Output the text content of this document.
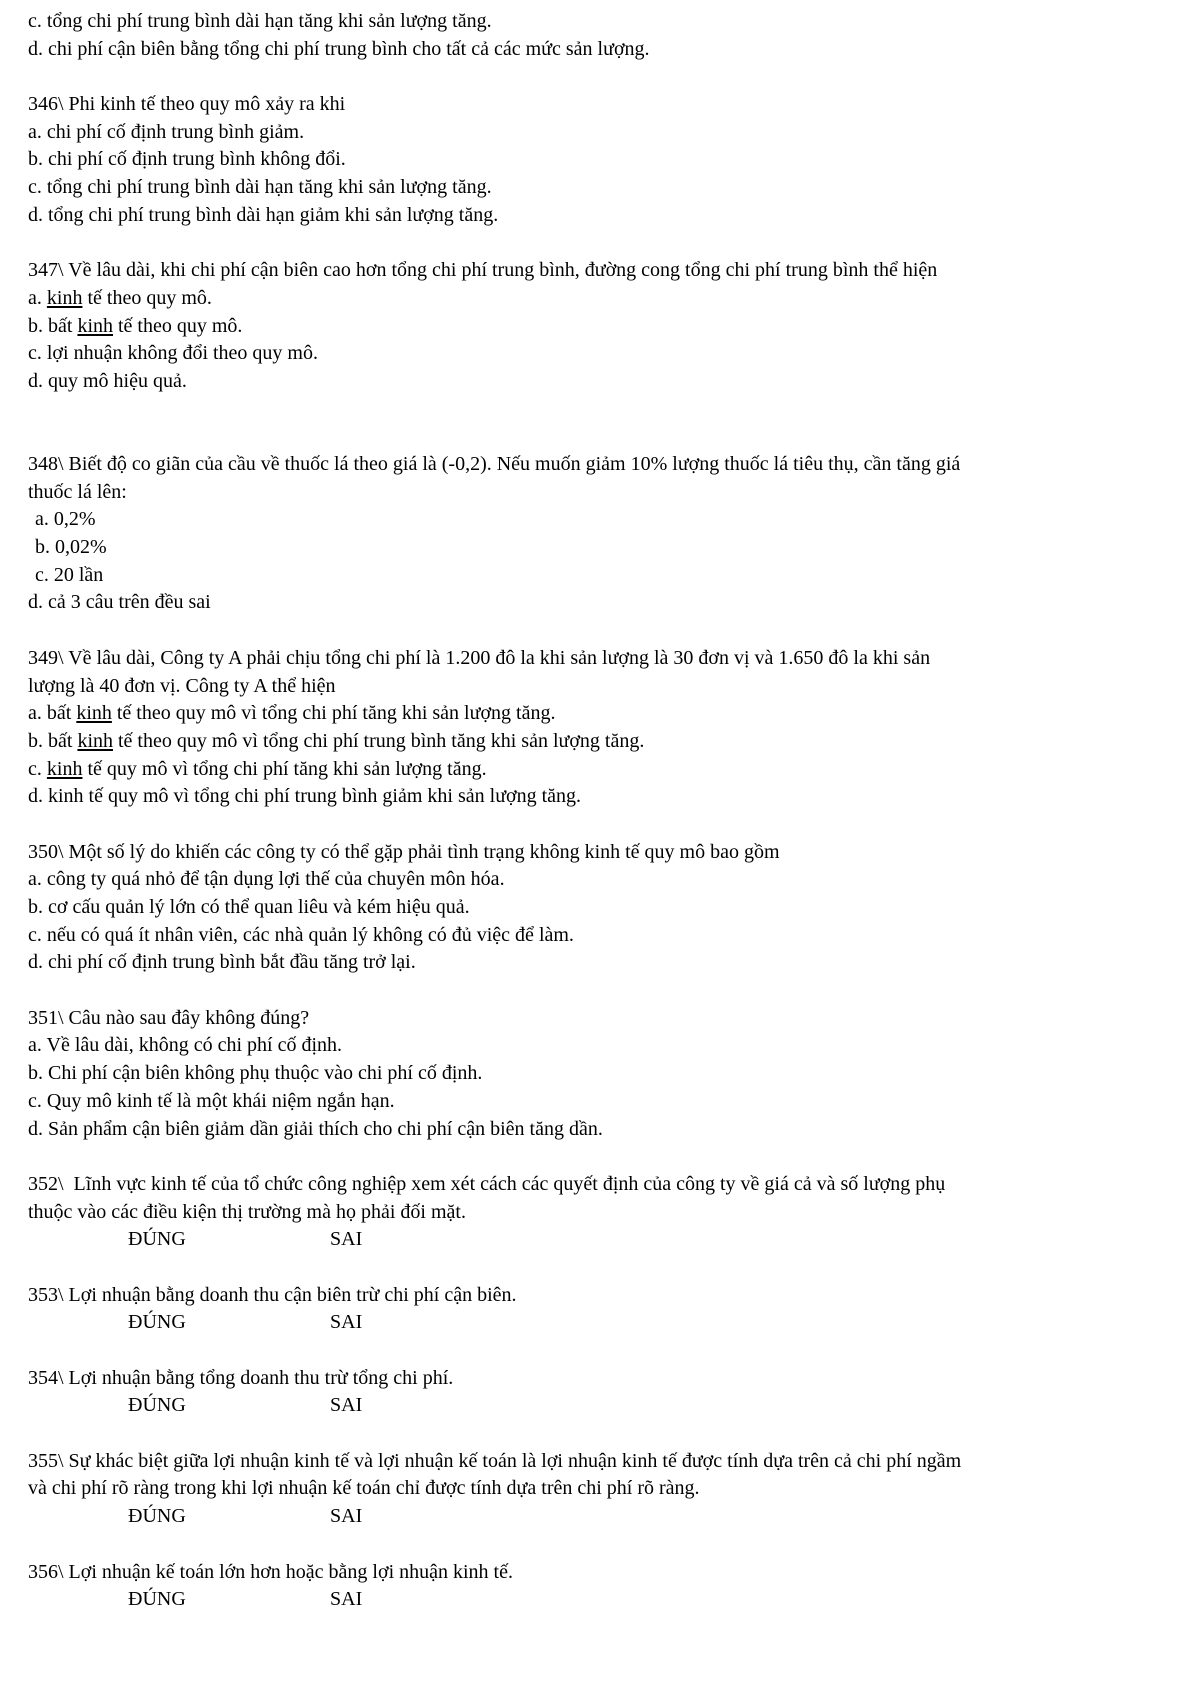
c. tổng chi phí trung bình dài hạn tăng khi sản lượng tăng.
d. chi phí cận biên bằng tổng chi phí trung bình cho tất cả các mức sản lượng.

346\ Phi kinh tế theo quy mô xảy ra khi
a. chi phí cố định trung bình giảm.
b. chi phí cố định trung bình không đổi.
c. tổng chi phí trung bình dài hạn tăng khi sản lượng tăng.
d. tổng chi phí trung bình dài hạn giảm khi sản lượng tăng.

347\ Về lâu dài, khi chi phí cận biên cao hơn tổng chi phí trung bình, đường cong tổng chi phí trung bình thể hiện
a. kinh tế theo quy mô.
b. bất kinh tế theo quy mô.
c. lợi nhuận không đổi theo quy mô.
d. quy mô hiệu quả.

348\ Biết độ co giãn của cầu về thuốc lá theo giá là (-0,2). Nếu muốn giảm 10% lượng thuốc lá tiêu thụ, cần tăng giá
thuốc lá lên:
a. 0,2%
b. 0,02%
c. 20 lần
d. cả 3 câu trên đều sai

349\ Về lâu dài, Công ty A phải chịu tổng chi phí là 1.200 đô la khi sản lượng là 30 đơn vị và 1.650 đô la khi sản
lượng là 40 đơn vị. Công ty A thể hiện
a. bất kinh tế theo quy mô vì tổng chi phí tăng khi sản lượng tăng.
b. bất kinh tế theo quy mô vì tổng chi phí trung bình tăng khi sản lượng tăng.
c. kinh tế quy mô vì tổng chi phí tăng khi sản lượng tăng.
d. kinh tế quy mô vì tổng chi phí trung bình giảm khi sản lượng tăng.

350\ Một số lý do khiến các công ty có thể gặp phải tình trạng không kinh tế quy mô bao gồm
a. công ty quá nhỏ để tận dụng lợi thế của chuyên môn hóa.
b. cơ cấu quản lý lớn có thể quan liêu và kém hiệu quả.
c. nếu có quá ít nhân viên, các nhà quản lý không có đủ việc để làm.
d. chi phí cố định trung bình bắt đầu tăng trở lại.

351\ Câu nào sau đây không đúng?
a. Về lâu dài, không có chi phí cố định.
b. Chi phí cận biên không phụ thuộc vào chi phí cố định.
c. Quy mô kinh tế là một khái niệm ngắn hạn.
d. Sản phẩm cận biên giảm dần giải thích cho chi phí cận biên tăng dần.

352\  Lĩnh vực kinh tế của tổ chức công nghiệp xem xét cách các quyết định của công ty về giá cả và số lượng phụ
thuộc vào các điều kiện thị trường mà họ phải đối mặt.
ĐÚNG	SAI

353\ Lợi nhuận bằng doanh thu cận biên trừ chi phí cận biên.
ĐÚNG	SAI

354\ Lợi nhuận bằng tổng doanh thu trừ tổng chi phí.
ĐÚNG	SAI

355\ Sự khác biệt giữa lợi nhuận kinh tế và lợi nhuận kế toán là lợi nhuận kinh tế được tính dựa trên cả chi phí ngầm
và chi phí rõ ràng trong khi lợi nhuận kế toán chỉ được tính dựa trên chi phí rõ ràng.
ĐÚNG	SAI

356\ Lợi nhuận kế toán lớn hơn hoặc bằng lợi nhuận kinh tế.
ĐÚNG	SAI
